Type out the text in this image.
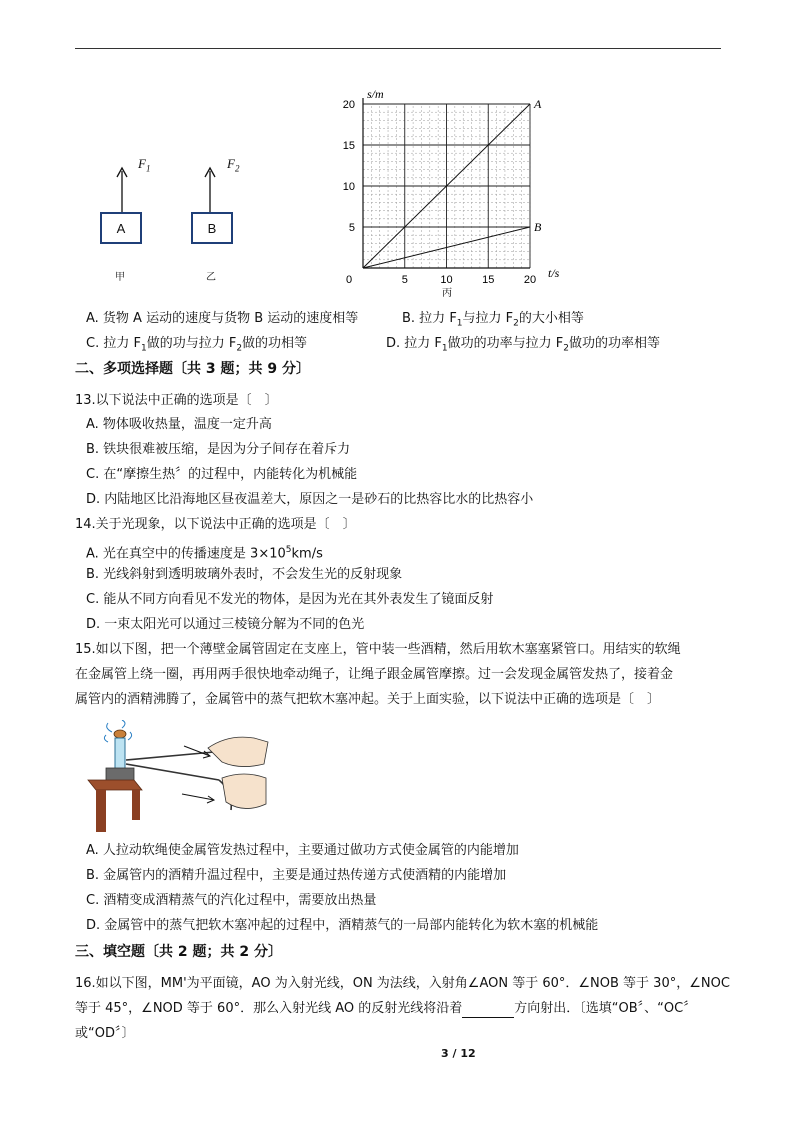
$F_1$
A
甲
$F_2$
B
乙
A
B
s/m
t/s
0	5	10	15	20
5
10
15
20
丙
A. 货物 A 运动的速度与货物 B 运动的速度相等	B. 拉力 $F_1$与拉力 $F_2$的大小相等
C. 拉力 $F_1$做的功与拉力 $F_2$做的功相等	D. 拉力 $F_1$做功的功率与拉力 $F_2$做功的功率相等
二、多项选择题〔共 3 题；共 9 分〕
13.以下说法中正确的选项是〔　〕
A. 物体吸收热量，温度一定升高
B. 铁块很难被压缩，是因为分子间存在着斥力
C. 在“摩擦生热〞的过程中，内能转化为机械能
D. 内陆地区比沿海地区昼夜温差大，原因之一是砂石的比热容比水的比热容小
14.关于光现象，以下说法中正确的选项是〔　〕
A. 光在真空中的传播速度是 $3\times 10^5km/s$
B. 光线斜射到透明玻璃外表时，不会发生光的反射现象
C. 能从不同方向看见不发光的物体，是因为光在其外表发生了镜面反射
D. 一束太阳光可以通过三棱镜分解为不同的色光
15.如以下图，把一个薄壁金属管固定在支座上，管中装一些酒精，然后用软木塞塞紧管口。用结实的软绳
在金属管上绕一圈，再用两手很快地牵动绳子，让绳子跟金属管摩擦。过一会发现金属管发热了，接着金
属管内的酒精沸腾了，金属管中的蒸气把软木塞冲起。关于上面实验，以下说法中正确的选项是〔　〕
A. 人拉动软绳使金属管发热过程中，主要通过做功方式使金属管的内能增加
B. 金属管内的酒精升温过程中，主要是通过热传递方式使酒精的内能增加
C. 酒精变成酒精蒸气的汽化过程中，需要放出热量
D. 金属管中的蒸气把软木塞冲起的过程中，酒精蒸气的一局部内能转化为软木塞的机械能
三、填空题〔共 2 题；共 2 分〕
16.如以下图，MM'为平面镜，AO 为入射光线，ON 为法线，入射角∠AON 等于 60°．∠NOB 等于 30°，∠NOC
等于 45°，∠NOD 等于 60°．那么入射光线 AO 的反射光线将沿着	方向射出．〔选填“OB〞、“OC〞
或“OD〞〕
3 / 12
